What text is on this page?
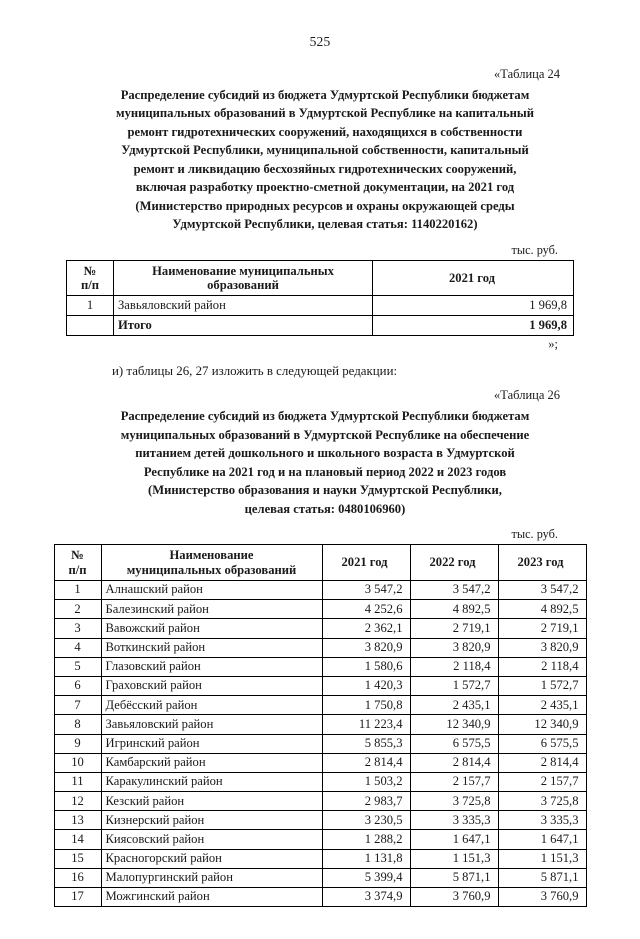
525
«Таблица 24
Распределение субсидий из бюджета Удмуртской Республики бюджетам
муниципальных образований в Удмуртской Республике на капитальный
ремонт гидротехнических сооружений, находящихся в собственности
Удмуртской Республики, муниципальной собственности, капитальный
ремонт и ликвидацию бесхозяйных гидротехнических сооружений,
включая разработку проектно-сметной документации, на 2021 год
(Министерство природных ресурсов и охраны окружающей среды
Удмуртской Республики, целевая статья: 1140220162)
тыс. руб.
№
п/п	Наименование муниципальных
образований	2021 год
1	Завьяловский район	1 969,8
	Итого	1 969,8
»;
и) таблицы 26, 27 изложить в следующей редакции:
«Таблица 26
Распределение субсидий из бюджета Удмуртской Республики бюджетам
муниципальных образований в Удмуртской Республике на обеспечение
питанием детей дошкольного и школьного возраста в Удмуртской
Республике на 2021 год и на плановый период 2022 и 2023 годов
(Министерство образования и науки Удмуртской Республики,
целевая статья: 0480106960)
тыс. руб.
№
п/п	Наименование
муниципальных образований	2021 год	2022 год	2023 год
1	Алнашский район	3 547,2	3 547,2	3 547,2
2	Балезинский район	4 252,6	4 892,5	4 892,5
3	Вавожский район	2 362,1	2 719,1	2 719,1
4	Воткинский район	3 820,9	3 820,9	3 820,9
5	Глазовский район	1 580,6	2 118,4	2 118,4
6	Граховский район	1 420,3	1 572,7	1 572,7
7	Дебёсский район	1 750,8	2 435,1	2 435,1
8	Завьяловский район	11 223,4	12 340,9	12 340,9
9	Игринский район	5 855,3	6 575,5	6 575,5
10	Камбарский район	2 814,4	2 814,4	2 814,4
11	Каракулинский район	1 503,2	2 157,7	2 157,7
12	Кезский район	2 983,7	3 725,8	3 725,8
13	Кизнерский район	3 230,5	3 335,3	3 335,3
14	Киясовский район	1 288,2	1 647,1	1 647,1
15	Красногорский район	1 131,8	1 151,3	1 151,3
16	Малопургинский район	5 399,4	5 871,1	5 871,1
17	Можгинский район	3 374,9	3 760,9	3 760,9
